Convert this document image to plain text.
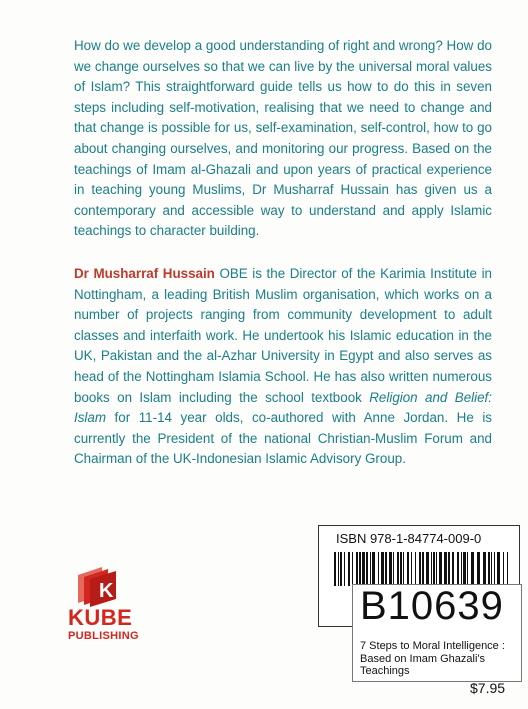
How do we develop a good understanding of right and wrong? How do we change ourselves so that we can live by the universal moral values of Islam? This straightforward guide tells us how to do this in seven steps including self-motivation, realising that we need to change and that change is possible for us, self-examination, self-control, how to go about changing ourselves, and monitoring our progress. Based on the teachings of Imam al-Ghazali and upon years of practical experience in teaching young Muslims, Dr Musharraf Hussain has given us a contemporary and accessible way to understand and apply Islamic teachings to character building.

Dr Musharraf Hussain OBE is the Director of the Karimia Institute in Nottingham, a leading British Muslim organisation, which works on a number of projects ranging from community development to adult classes and interfaith work. He undertook his Islamic education in the UK, Pakistan and the al-Azhar University in Egypt and also serves as head of the Nottingham Islamia School. He has also written numerous books on Islam including the school textbook Religion and Belief: Islam for 11-14 year olds, co-authored with Anne Jordan. He is currently the President of the national Christian-Muslim Forum and Chairman of the UK-Indonesian Islamic Advisory Group.
K
KUBE
PUBLISHING
ISBN 978-1-84774-009-0
B10639
7 Steps to Moral Intelligence : Based on Imam Ghazali's Teachings
$7.95
